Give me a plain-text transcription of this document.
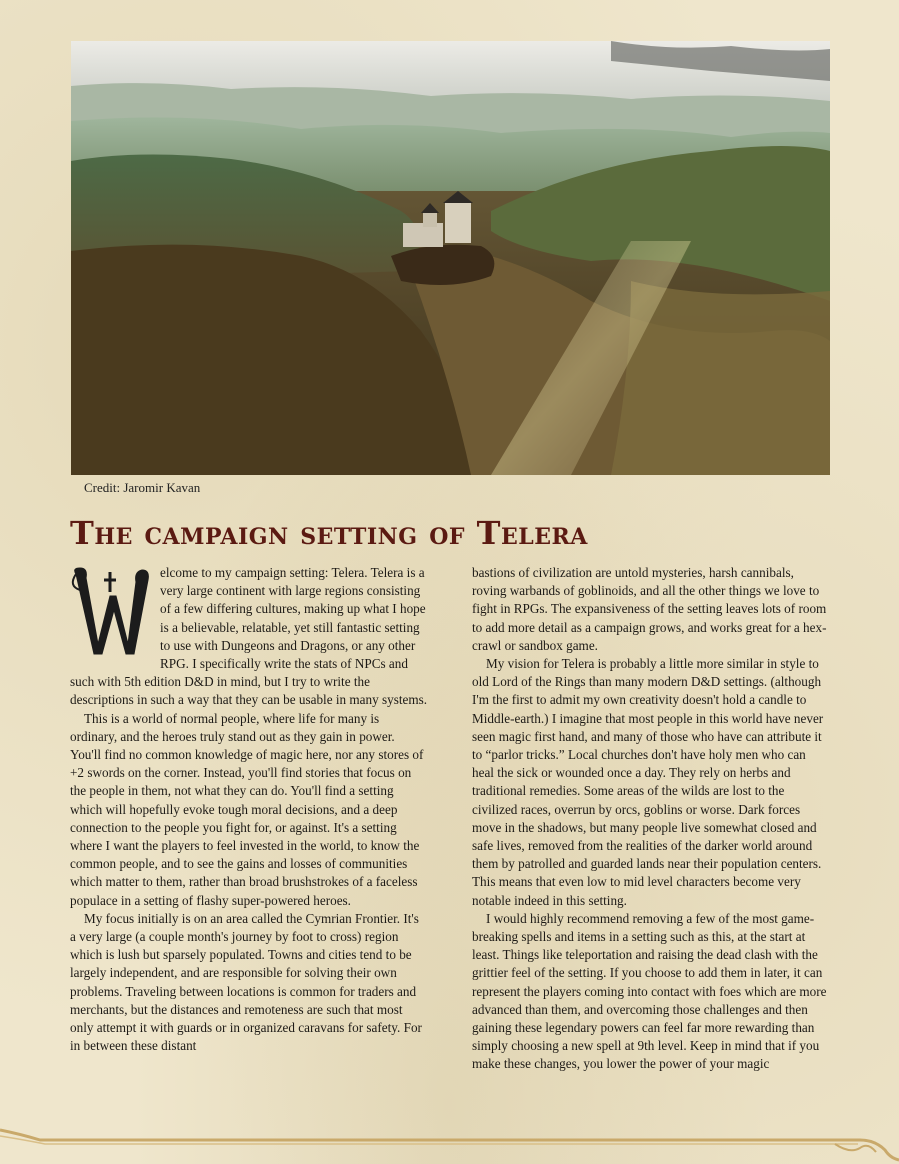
Credit: Jaromir Kavan
The campaign setting of Telera

elcome to my campaign setting: Telera. Telera is a very large continent with large regions consisting of a few differing cultures, making up what I hope is a believable, relatable, yet still fantastic setting to use with Dungeons and Dragons, or any other RPG. I specifically write the stats of NPCs and such with 5th edition D&D in mind, but I try to write the descriptions in such a way that they can be usable in many systems.

This is a world of normal people, where life for many is ordinary, and the heroes truly stand out as they gain in power. You'll find no common knowledge of magic here, nor any stores of +2 swords on the corner. Instead, you'll find stories that focus on the people in them, not what they can do. You'll find a setting which will hopefully evoke tough moral decisions, and a deep connection to the people you fight for, or against. It's a setting where I want the players to feel invested in the world, to know the common people, and to see the gains and losses of communities which matter to them, rather than broad brushstrokes of a faceless populace in a setting of flashy super-powered heroes.

My focus initially is on an area called the Cymrian Frontier. It's a very large (a couple month's journey by foot to cross) region which is lush but sparsely populated. Towns and cities tend to be largely independent, and are responsible for solving their own problems. Traveling between locations is common for traders and merchants, but the distances and remoteness are such that most only attempt it with guards or in organized caravans for safety. For in between these distant

bastions of civilization are untold mysteries, harsh cannibals, roving warbands of goblinoids, and all the other things we love to fight in RPGs. The expansiveness of the setting leaves lots of room to add more detail as a campaign grows, and works great for a hex-crawl or sandbox game.

My vision for Telera is probably a little more similar in style to old Lord of the Rings than many modern D&D settings. (although I'm the first to admit my own creativity doesn't hold a candle to Middle-earth.) I imagine that most people in this world have never seen magic first hand, and many of those who have can attribute it to “parlor tricks.” Local churches don't have holy men who can heal the sick or wounded once a day. They rely on herbs and traditional remedies. Some areas of the wilds are lost to the civilized races, overrun by orcs, goblins or worse. Dark forces move in the shadows, but many people live somewhat closed and safe lives, removed from the realities of the darker world around them by patrolled and guarded lands near their population centers. This means that even low to mid level characters become very notable indeed in this setting.

I would highly recommend removing a few of the most game-breaking spells and items in a setting such as this, at the start at least. Things like teleportation and raising the dead clash with the grittier feel of the setting. If you choose to add them in later, it can represent the players coming into contact with foes which are more advanced than them, and overcoming those challenges and then gaining these legendary powers can feel far more rewarding than simply choosing a new spell at 9th level. Keep in mind that if you make these changes, you lower the power of your magic
